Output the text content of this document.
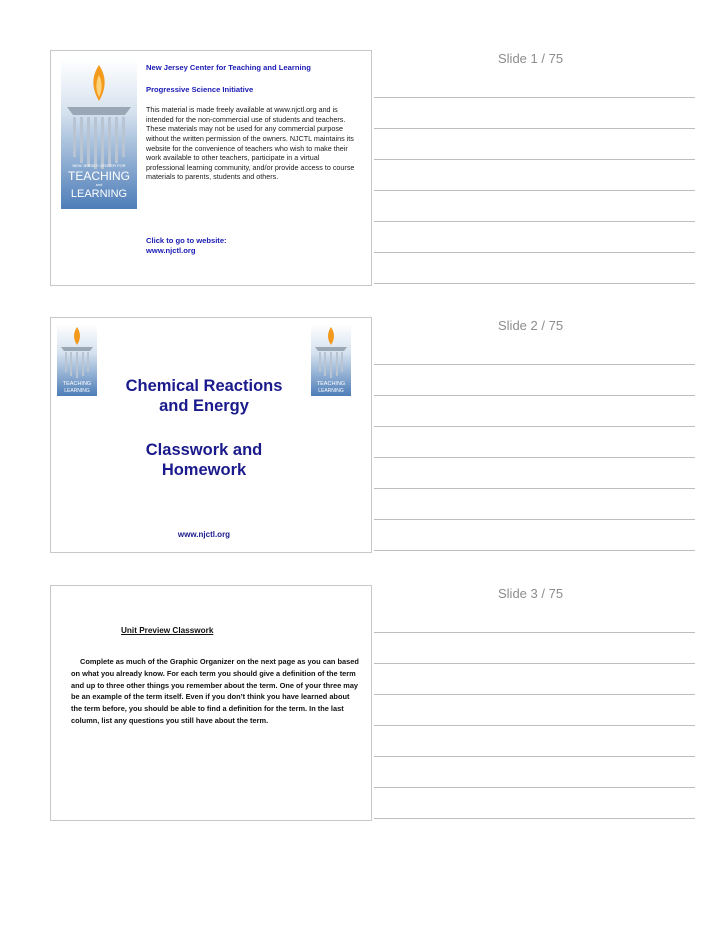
Slide 1 / 75
NEW JERSEY CENTER FOR
TEACHING
and
LEARNING
New Jersey Center for Teaching and Learning
Progressive Science Initiative
This material is made freely available at www.njctl.org and is intended for the non-commercial use of students and teachers. These materials may not be used for any commercial purpose without the written permission of the owners. NJCTL maintains its website for the convenience of teachers who wish to make their work available to other teachers, participate in a virtual professional learning community, and/or provide access to course materials to parents, students and others.
Click to go to website:
www.njctl.org
Slide 2 / 75
TEACHING
LEARNING
TEACHING
LEARNING
Chemical Reactions
and Energy
Classwork and
Homework
www.njctl.org
Slide 3 / 75
Unit Preview Classwork
Complete as much of the Graphic Organizer on the next page as you can based on what you already know. For each term you should give a definition of the term and up to three other things you remember about the term. One of your three may be an example of the term itself. Even if you don’t think you have learned about the term before, you should be able to find a definition for the term. In the last column, list any questions you still have about the term.
